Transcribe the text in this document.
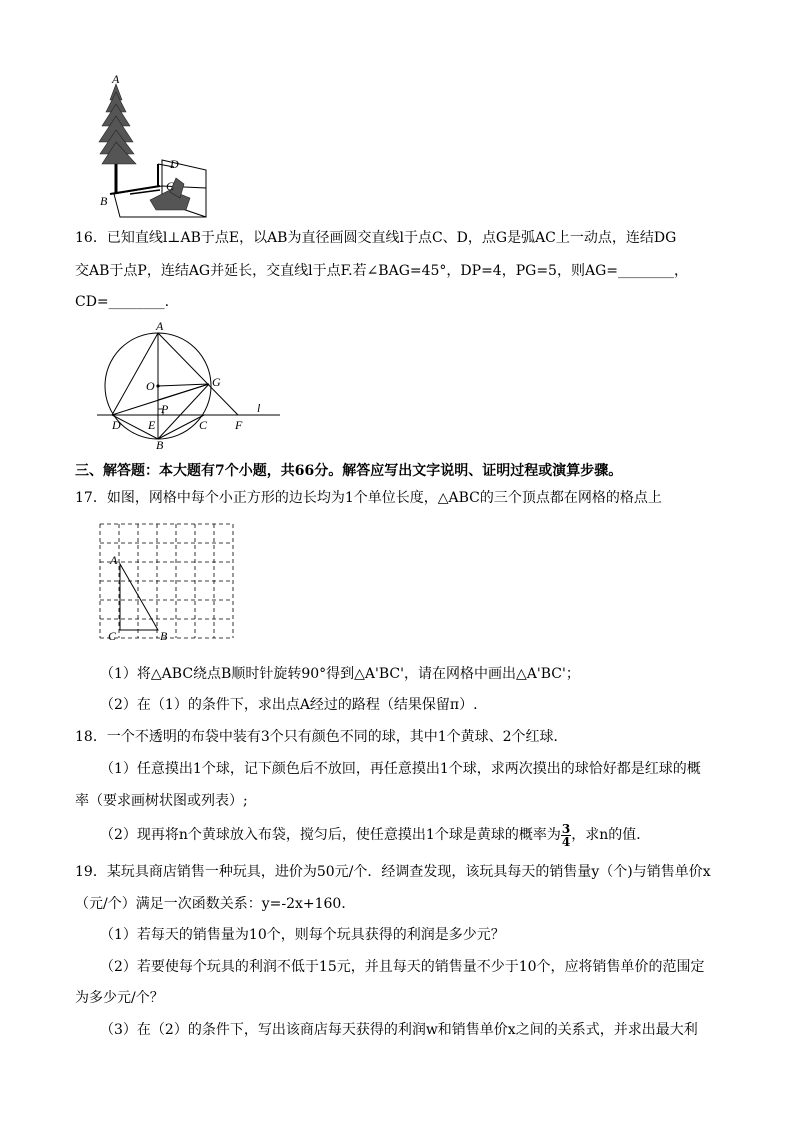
A
B
D
C
16．已知直线l⊥AB于点E，以AB为直径画圆交直线l于点C、D，点G是弧AC上一动点，连结DG
交AB于点P，连结AG并延长，交直线l于点F.若∠BAG=45°，DP=4，PG=5，则AG=________，
CD=________.
A
O	G
P
D E
B
C F
l
三、解答题：本大题有7个小题，共66分。解答应写出文字说明、证明过程或演算步骤。
17．如图，网格中每个小正方形的边长均为1个单位长度，△ABC的三个顶点都在网格的格点上
A
C	B
（1）将△ABC绕点B顺时针旋转90°得到△A'BC'，请在网格中画出△A'BC'；
（2）在（1）的条件下，求出点A经过的路程（结果保留π）.
18．一个不透明的布袋中装有3个只有颜色不同的球，其中1个黄球、2个红球．
（1）任意摸出1个球，记下颜色后不放回，再任意摸出1个球，求两次摸出的球恰好都是红球的概
率（要求画树状图或列表）;
（2）现再将n个黄球放入布袋，搅匀后，使任意摸出1个球是黄球的概率为 $\frac{3}{4}$ ，求n的值．
19．某玩具商店销售一种玩具，进价为50元/个．经调查发现，该玩具每天的销售量y（个)与销售单价x
（元/个）满足一次函数关系：y=-2x+160．
（1）若每天的销售量为10个，则每个玩具获得的利润是多少元？
（2）若要使每个玩具的利润不低于15元，并且每天的销售量不少于10个，应将销售单价的范围定
为多少元/个？
（3）在（2）的条件下，写出该商店每天获得的利润w和销售单价x之间的关系式，并求出最大利
